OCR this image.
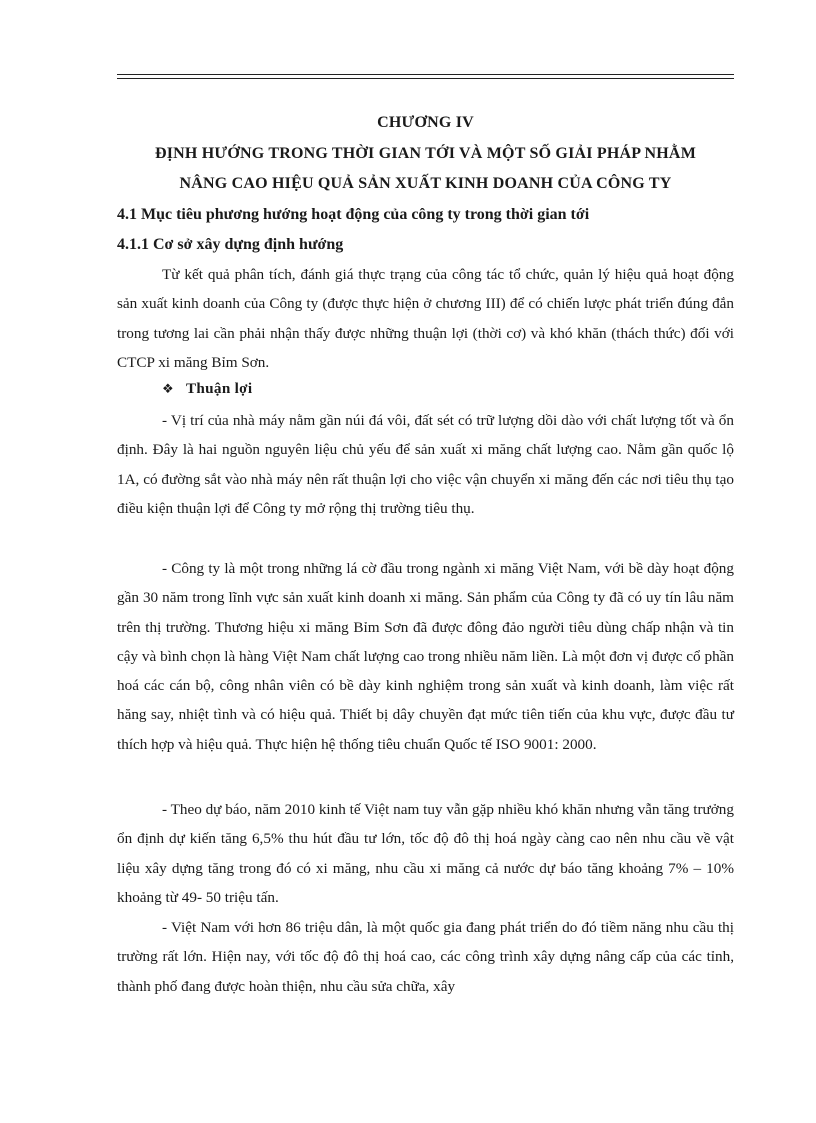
CHƯƠNG IV
ĐỊNH HƯỚNG TRONG THỜI GIAN TỚI VÀ MỘT SỐ GIẢI PHÁP NHẰM
NÂNG CAO HIỆU QUẢ SẢN XUẤT KINH DOANH CỦA CÔNG TY
4.1 Mục tiêu phương hướng hoạt động của công ty trong thời gian tới
4.1.1 Cơ sở xây dựng định hướng

Từ kết quả phân tích, đánh giá thực trạng của công tác tổ chức, quản lý hiệu quả hoạt động sản xuất kinh doanh của Công ty (được thực hiện ở chương III) để có chiến lược phát triển đúng đắn trong tương lai cần phải nhận thấy được những thuận lợi (thời cơ) và khó khăn (thách thức) đối với CTCP xi măng Bỉm Sơn.

❖ Thuận lợi

- Vị trí của nhà máy nằm gần núi đá vôi, đất sét có trữ lượng dồi dào với chất lượng tốt và ổn định. Đây là hai nguồn nguyên liệu chủ yếu để sản xuất xi măng chất lượng cao. Nằm gần quốc lộ 1A, có đường sắt vào nhà máy nên rất thuận lợi cho việc vận chuyển xi măng đến các nơi tiêu thụ tạo điều kiện thuận lợi để Công ty mở rộng thị trường tiêu thụ.

- Công ty là một trong những lá cờ đầu trong ngành xi măng Việt Nam, với bề dày hoạt động gần 30 năm trong lĩnh vực sản xuất kinh doanh xi măng. Sản phẩm của Công ty đã có uy tín lâu năm trên thị trường. Thương hiệu xi măng Bỉm Sơn đã được đông đảo người tiêu dùng chấp nhận và tin cậy và bình chọn là hàng Việt Nam chất lượng cao trong nhiều năm liền. Là một đơn vị được cổ phần hoá các cán bộ, công nhân viên có bề dày kinh nghiệm trong sản xuất và kinh doanh, làm việc rất hăng say, nhiệt tình và có hiệu quả. Thiết bị dây chuyền đạt mức tiên tiến của khu vực, được đầu tư thích hợp và hiệu quả. Thực hiện hệ thống tiêu chuẩn Quốc tế ISO 9001: 2000.

- Theo dự báo, năm 2010 kinh tế Việt nam tuy vẫn gặp nhiều khó khăn nhưng vẫn tăng trưởng ổn định dự kiến tăng 6,5% thu hút đầu tư lớn, tốc độ đô thị hoá ngày càng cao nên nhu cầu về vật liệu xây dựng tăng trong đó có xi măng, nhu cầu xi măng cả nước dự báo tăng khoảng 7% – 10% khoảng từ 49- 50 triệu tấn.

- Việt Nam với hơn 86 triệu dân, là một quốc gia đang phát triển do đó tiềm năng nhu cầu thị trường rất lớn. Hiện nay, với tốc độ đô thị hoá cao, các công trình xây dựng nâng cấp của các tỉnh, thành phố đang được hoàn thiện, nhu cầu sửa chữa, xây
